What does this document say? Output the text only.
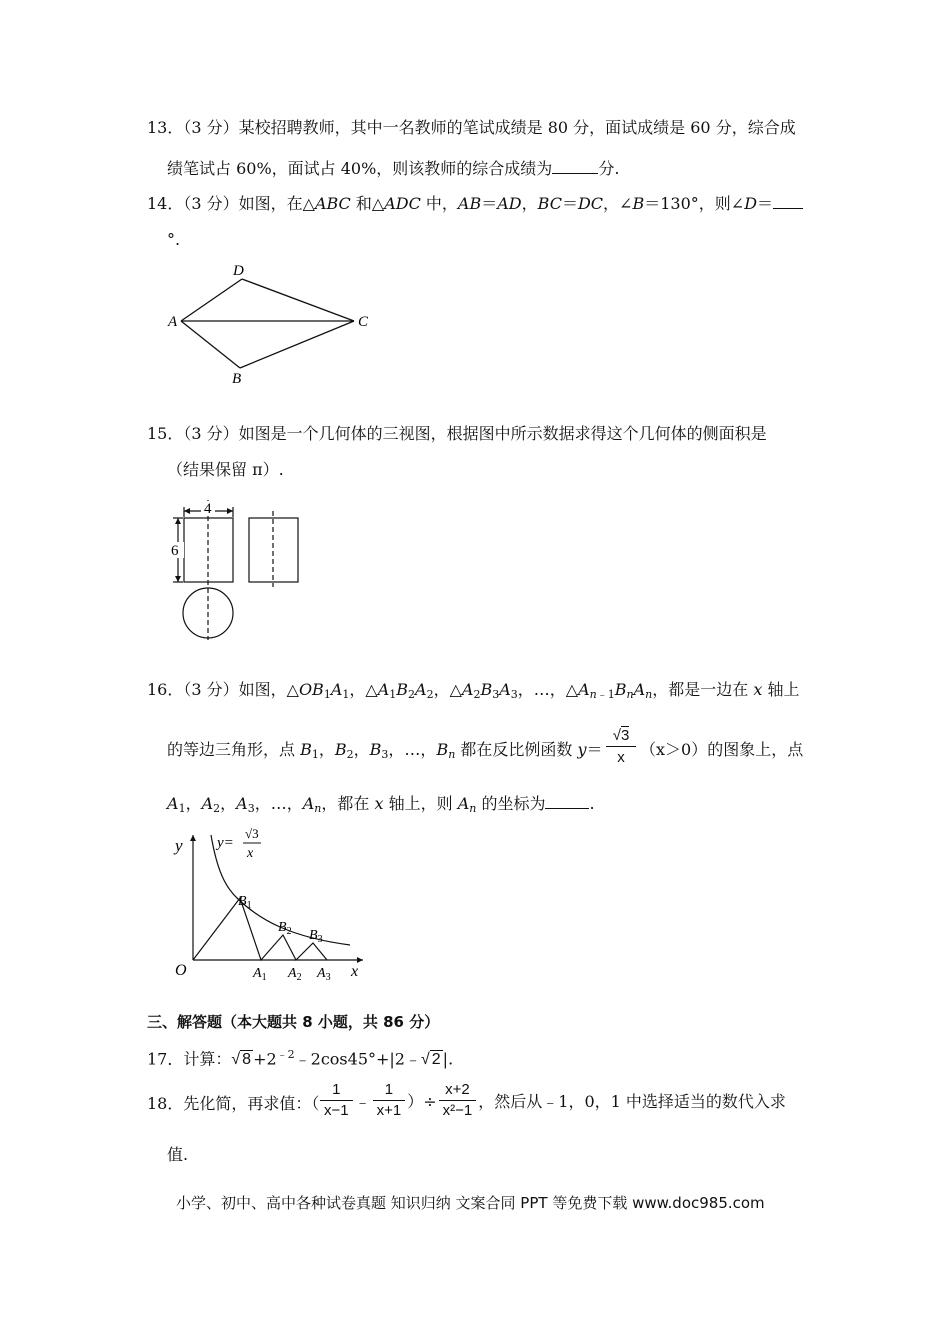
13．（3 分）某校招聘教师，其中一名教师的笔试成绩是 80 分，面试成绩是 60 分，综合成
绩笔试占 60%，面试占 40%，则该教师的综合成绩为	分.
14．（3 分）如图，在△ABC 和△ADC 中，AB＝AD，BC＝DC，∠B＝130°，则∠D＝
°.
D
A	C
B
15．（3 分）如图是一个几何体的三视图，根据图中所示数据求得这个几何体的侧面积是
（结果保留 π）.
4
6
16．（3 分）如图，$\triangle OB_1A_1$，$\triangle A_1B_2A_2$，$\triangle A_2B_3A_3$，…，$\triangle A_{n﹣1}B_nA_n$，都是一边在 x 轴上
的等边三角形，点 $B_1$，$B_2$，$B_3$，…，$B_n$ 都在反比例函数 y＝
√3
x （x＞0）的图象上，点
$A_1$，$A_2$，$A_3$，…，$A_n$，都在 x 轴上，则 $A_n$ 的坐标为	.
y
x
O
y=
√3
x
$B_1$
$B_2$ $B_3$
$A_1$ $A_2$ $A_3$
三、解答题（本大题共 8 小题，共 86 分）
17．计算：√ $8 +2^{﹣2}﹣2\cos 45^\circ+|2﹣√$ 2 |.
18．先化简，再求值：（ $\frac{1}{x-1}$ ﹣ $\frac{1}{x+1}$ ）÷ $\frac{x+2}{\text{x²−1}}$ ，然后从﹣1，0，1 中选择适当的数代入求
值.
小学、初中、高中各种试卷真题 知识归纳 文案合同 PPT 等免费下载 www.doc985.com
